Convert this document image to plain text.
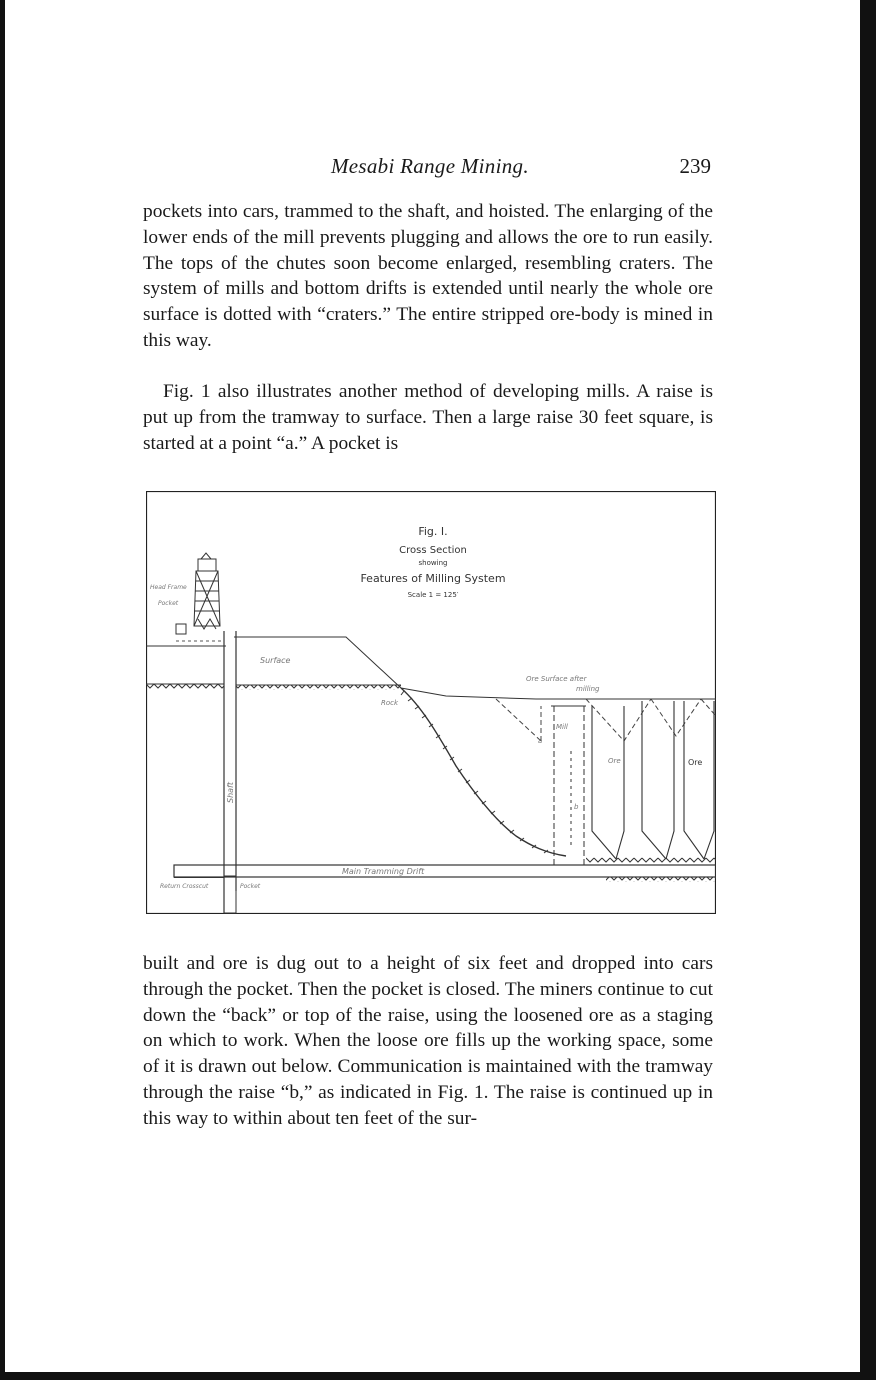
Mesabi Range Mining.	239

pockets into cars, trammed to the shaft, and hoisted. The enlarging of the lower ends of the mill prevents plugging and allows the ore to run easily. The tops of the chutes soon become enlarged, resembling craters. The system of mills and bottom drifts is extended until nearly the whole ore surface is dotted with “craters.” The entire stripped ore-body is mined in this way.

Fig. 1 also illustrates another method of developing mills. A raise is put up from the tramway to surface. Then a large raise 30 feet square, is started at a point “a.” A pocket is

Fig. I.
Cross Section
showing
Features of Milling System
Scale 1 = 125′
Head Frame
Pocket
Surface
Rock
Shaft
Mill
Ore	Ore
a
b
Ore Surface after
milling
Main Tramming Drift
Return Crosscut	Pocket

built and ore is dug out to a height of six feet and dropped into cars through the pocket. Then the pocket is closed. The miners continue to cut down the “back” or top of the raise, using the loosened ore as a staging on which to work. When the loose ore fills up the working space, some of it is drawn out below. Communication is maintained with the tramway through the raise “b,” as indicated in Fig. 1. The raise is continued up in this way to within about ten feet of the sur-
